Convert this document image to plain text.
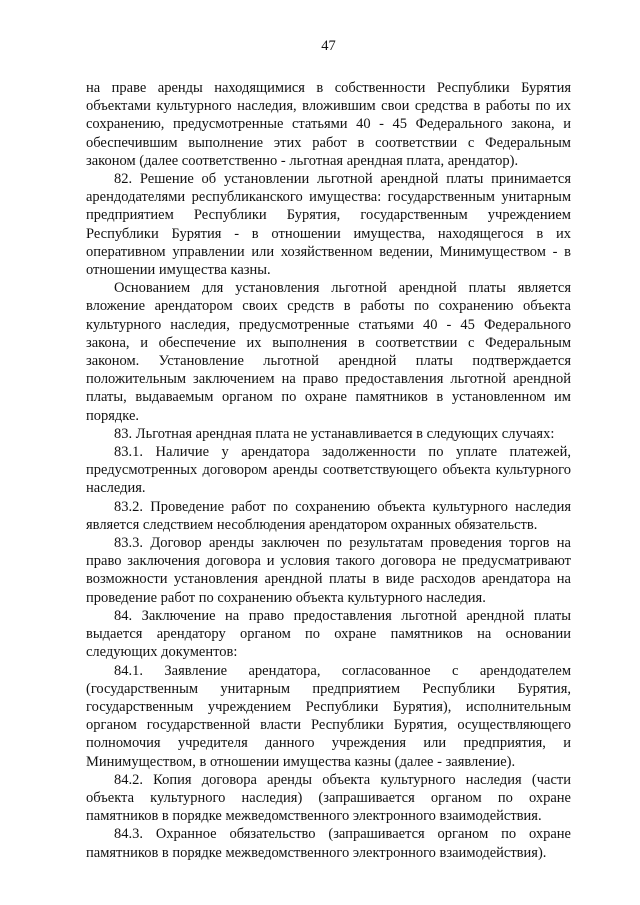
47

на праве аренды находящимися в собственности Республики Бурятия объектами культурного наследия, вложившим свои средства в работы по их сохранению, предусмотренные статьями 40 - 45 Федерального закона, и обеспечившим выполнение этих работ в соответствии с Федеральным законом (далее соответственно - льготная арендная плата, арендатор).

82. Решение об установлении льготной арендной платы принимается арендодателями республиканского имущества: государственным унитарным предприятием Республики Бурятия, государственным учреждением Республики Бурятия - в отношении имущества, находящегося в их оперативном управлении или хозяйственном ведении, Минимуществом - в отношении имущества казны.

Основанием для установления льготной арендной платы является вложение арендатором своих средств в работы по сохранению объекта культурного наследия, предусмотренные статьями 40 - 45 Федерального закона, и обеспечение их выполнения в соответствии с Федеральным законом. Установление льготной арендной платы подтверждается положительным заключением на право предоставления льготной арендной платы, выдаваемым органом по охране памятников в установленном им порядке.

83. Льготная арендная плата не устанавливается в следующих случаях:

83.1. Наличие у арендатора задолженности по уплате платежей, предусмотренных договором аренды соответствующего объекта культурного наследия.

83.2. Проведение работ по сохранению объекта культурного наследия является следствием несоблюдения арендатором охранных обязательств.

83.3. Договор аренды заключен по результатам проведения торгов на право заключения договора и условия такого договора не предусматривают возможности установления арендной платы в виде расходов арендатора на проведение работ по сохранению объекта культурного наследия.

84. Заключение на право предоставления льготной арендной платы выдается арендатору органом по охране памятников на основании следующих документов:

84.1. Заявление арендатора, согласованное с арендодателем (государственным унитарным предприятием Республики Бурятия, государственным учреждением Республики Бурятия), исполнительным органом государственной власти Республики Бурятия, осуществляющего полномочия учредителя данного учреждения или предприятия, и Минимуществом, в отношении имущества казны (далее - заявление).

84.2. Копия договора аренды объекта культурного наследия (части объекта культурного наследия) (запрашивается органом по охране памятников в порядке межведомственного электронного взаимодействия.

84.3. Охранное обязательство (запрашивается органом по охране памятников в порядке межведомственного электронного взаимодействия).
